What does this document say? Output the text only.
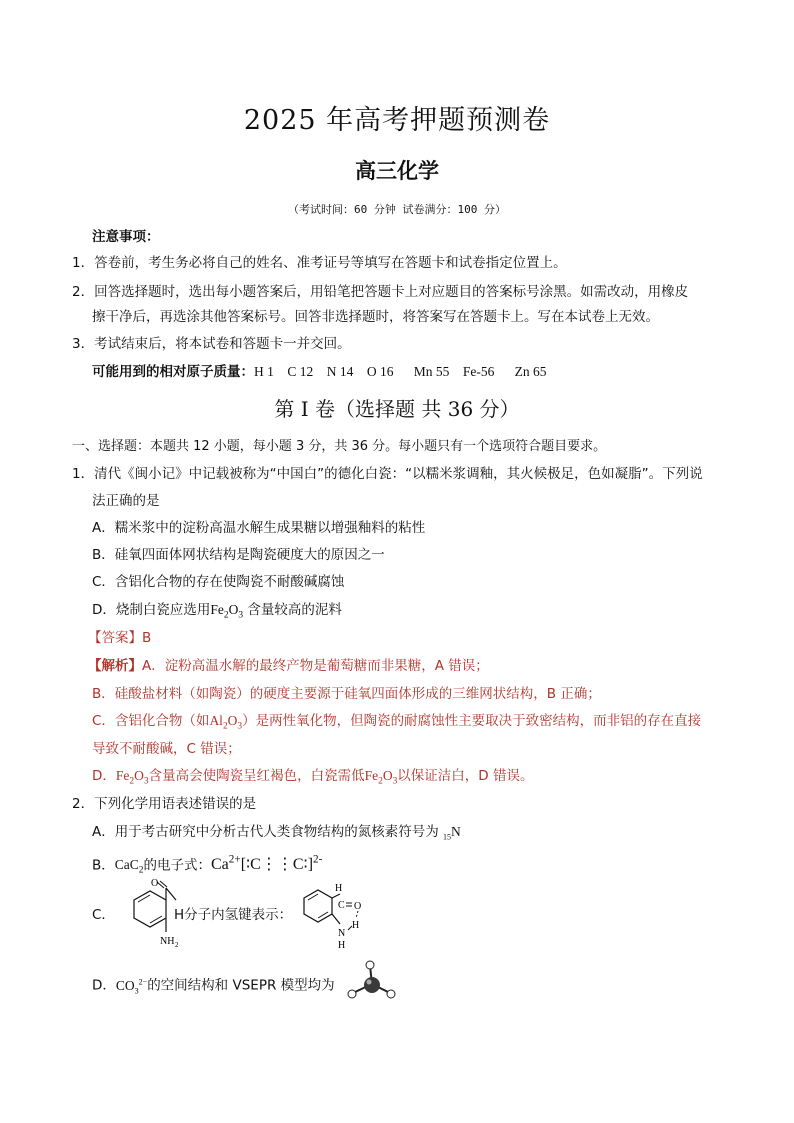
2025 年高考押题预测卷
高三化学
（考试时间：60 分钟 试卷满分：100 分）
注意事项：
1．答卷前，考生务必将自己的姓名、准考证号等填写在答题卡和试卷指定位置上。
2．回答选择题时，选出每小题答案后，用铅笔把答题卡上对应题目的答案标号涂黑。如需改动，用橡皮
擦干净后，再选涂其他答案标号。回答非选择题时，将答案写在答题卡上。写在本试卷上无效。
3．考试结束后，将本试卷和答题卡一并交回。
可能用到的相对原子质量：H 1    C 12    N 14    O 16      Mn 55    Fe-56      Zn 65
第 I 卷（选择题 共 36 分）
一、选择题：本题共 12 小题，每小题 3 分，共 36 分。每小题只有一个选项符合题目要求。
1．清代《闽小记》中记载被称为“中国白”的德化白瓷：“以糯米浆调釉，其火候极足，色如凝脂”。下列说
法正确的是
A．糯米浆中的淀粉高温水解生成果糖以增强釉料的粘性
B．硅氧四面体网状结构是陶瓷硬度大的原因之一
C．含铝化合物的存在使陶瓷不耐酸碱腐蚀
D．烧制白瓷应选用$Fe_2O_3$ 含量较高的泥料
【答案】B
【解析】A．淀粉高温水解的最终产物是葡萄糖而非果糖，A 错误；
B．硅酸盐材料（如陶瓷）的硬度主要源于硅氧四面体形成的三维网状结构，B 正确；
C．含铝化合物（如$Al_2O_3$）是两性氧化物，但陶瓷的耐腐蚀性主要取决于致密结构，而非铝的存在直接
导致不耐酸碱，C 错误；
D．$Fe_2O_3$含量高会使陶瓷呈红褐色，白瓷需低$Fe_2O_3$以保证洁白，D 错误。
2．下列化学用语表述错误的是
A．用于考古研究中分析古代人类食物结构的氮核素符号为 $_{15}$N
B．CaC$_2$的电子式：$Ca^{2+}[∶C⋮⋮C∶]^{2-}$
C．
O
NH 2
H分子内氢键表示：
H
C O
H
N
H
D．$CO_3^{2-}$的空间结构和 VSEPR 模型均为
